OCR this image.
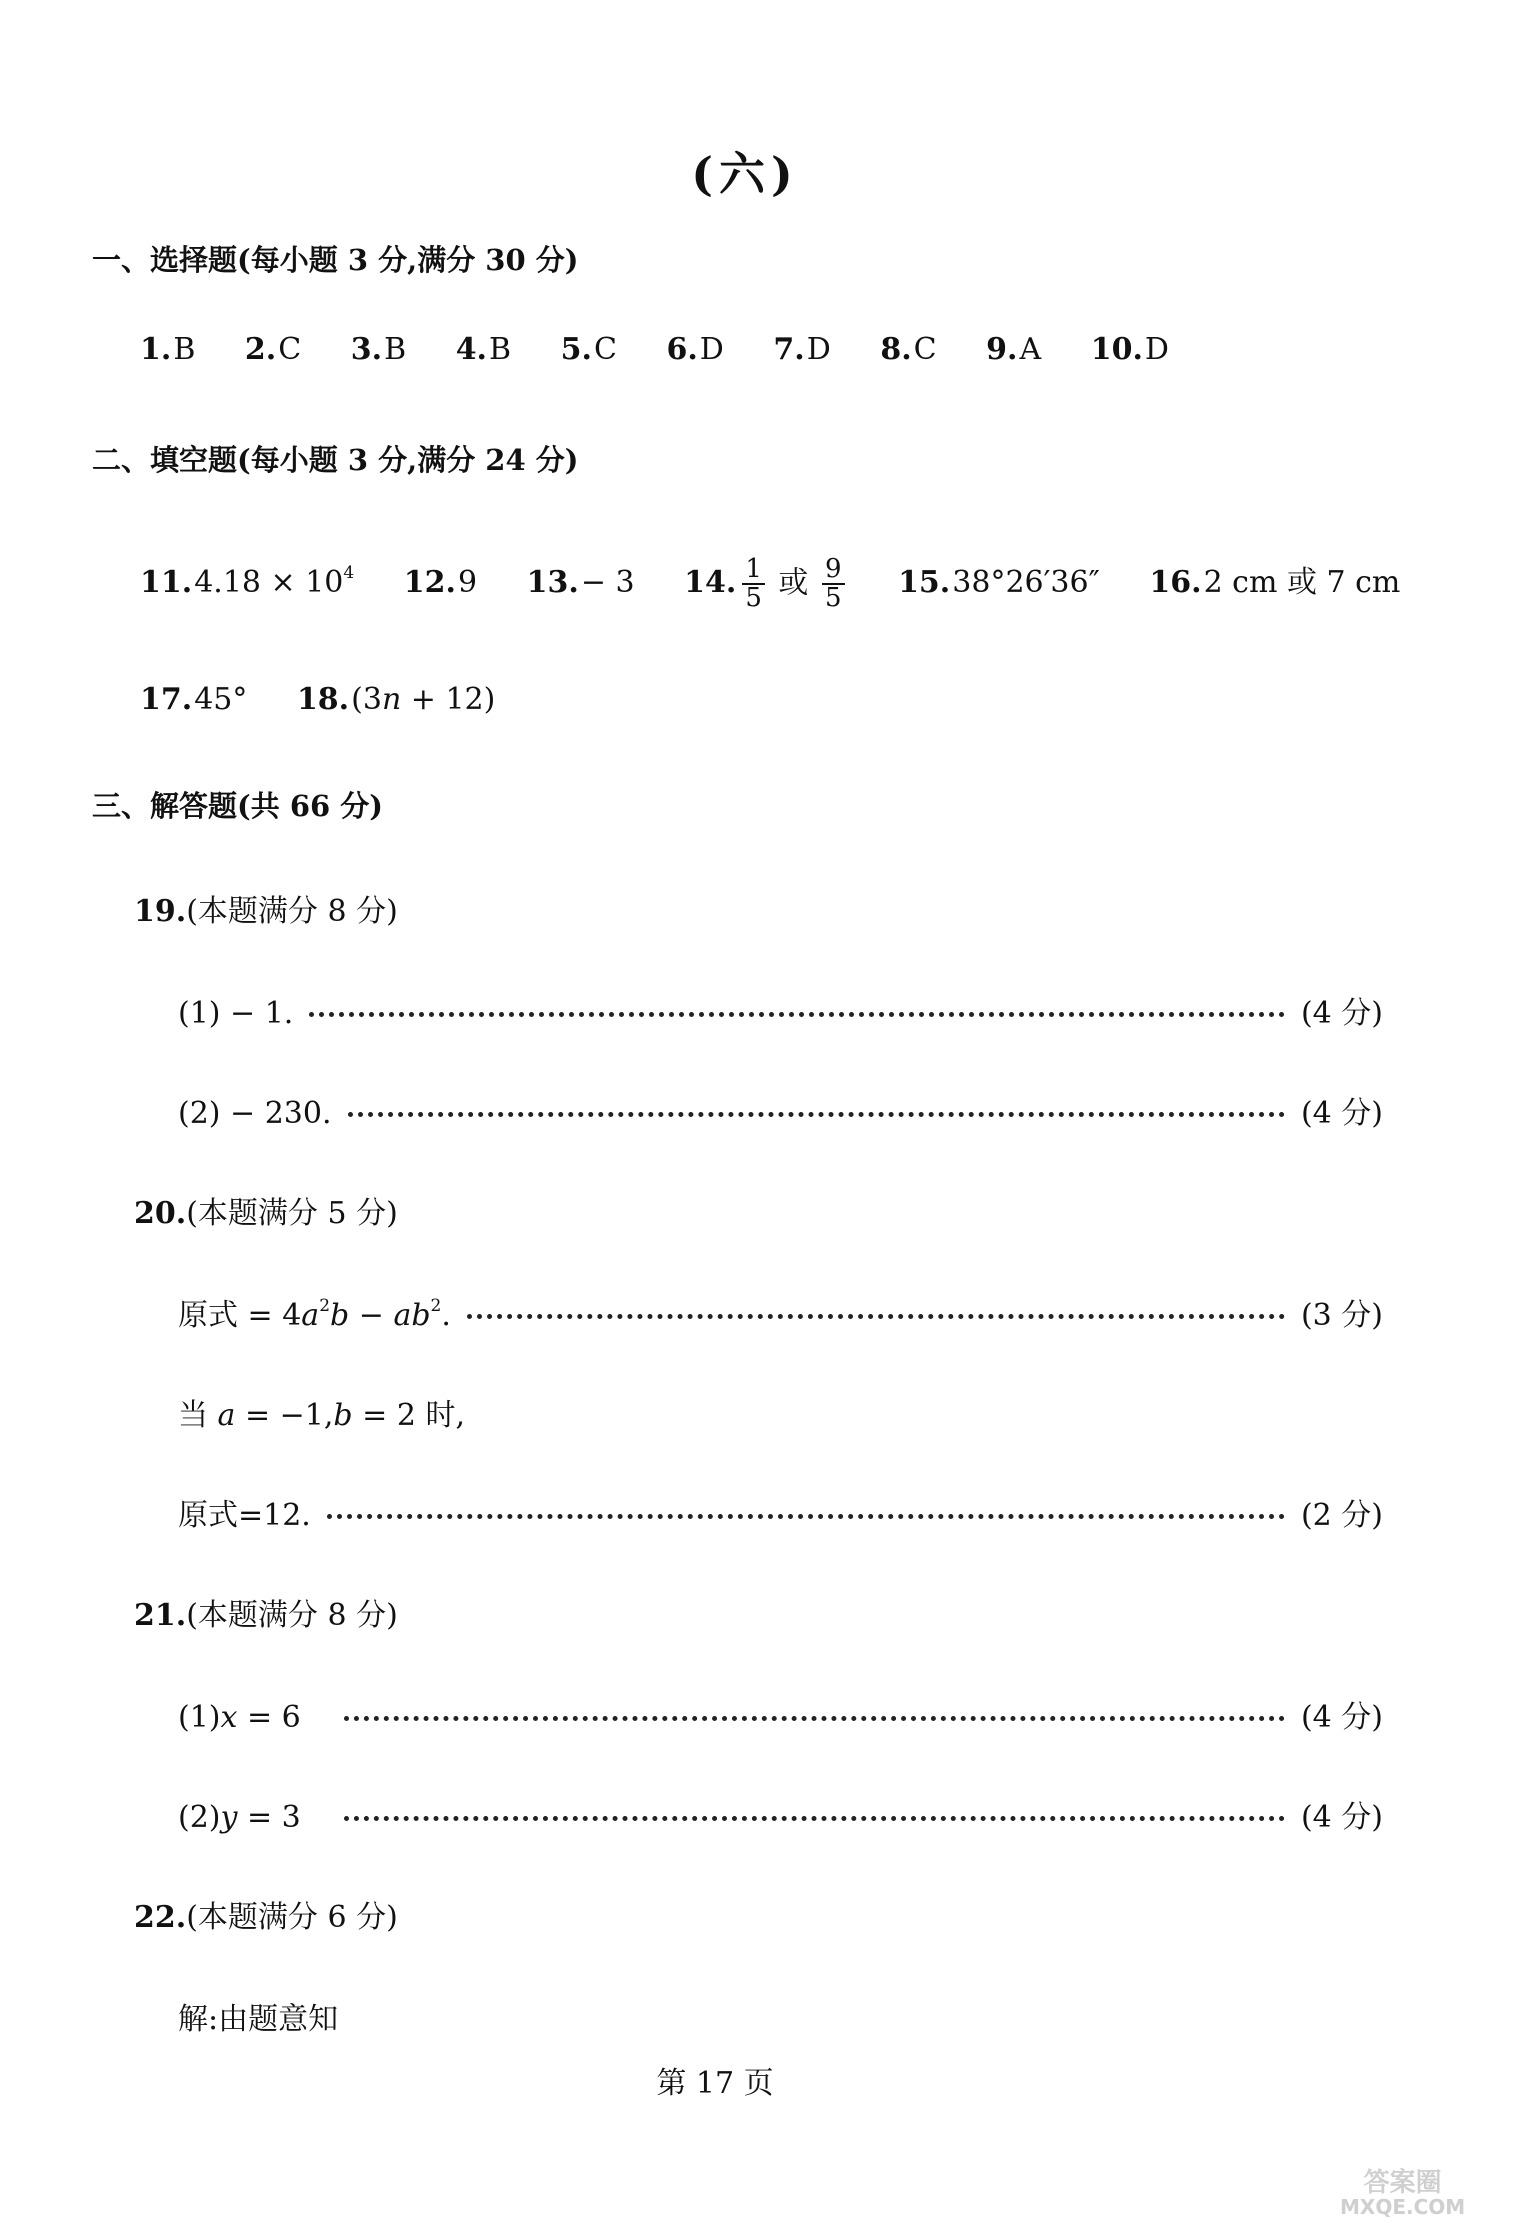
(六)
一、选择题(每小题 3 分,满分 30 分)
1.B 2.C 3.B 4.B 5.C 6.D 7.D 8.C 9.A 10.D
二、填空题(每小题 3 分,满分 24 分)
$11.4.18 \times 10^4$ 12.9 13.− 3 14. $\frac{1}{5}$ 或 $\frac{9}{5} 15.38^\circ 26'36''$ 16.2 cm 或 7 cm
17.45° 18.(3n + 12)
三、解答题(共 66 分)
19.(本题满分 8 分)
(1) − 1.	(4 分)
(2) − 230.	(4 分)
20.(本题满分 5 分)
原式 = $4a^2b - ab^2$.	(3 分)
当 a = −1,b = 2 时,
原式=12.	(2 分)
21.(本题满分 8 分)
(1)x = 6	(4 分)
(2)y = 3	(4 分)
22.(本题满分 6 分)
解:由题意知
第 17 页
答案圈
MXQE.COM
